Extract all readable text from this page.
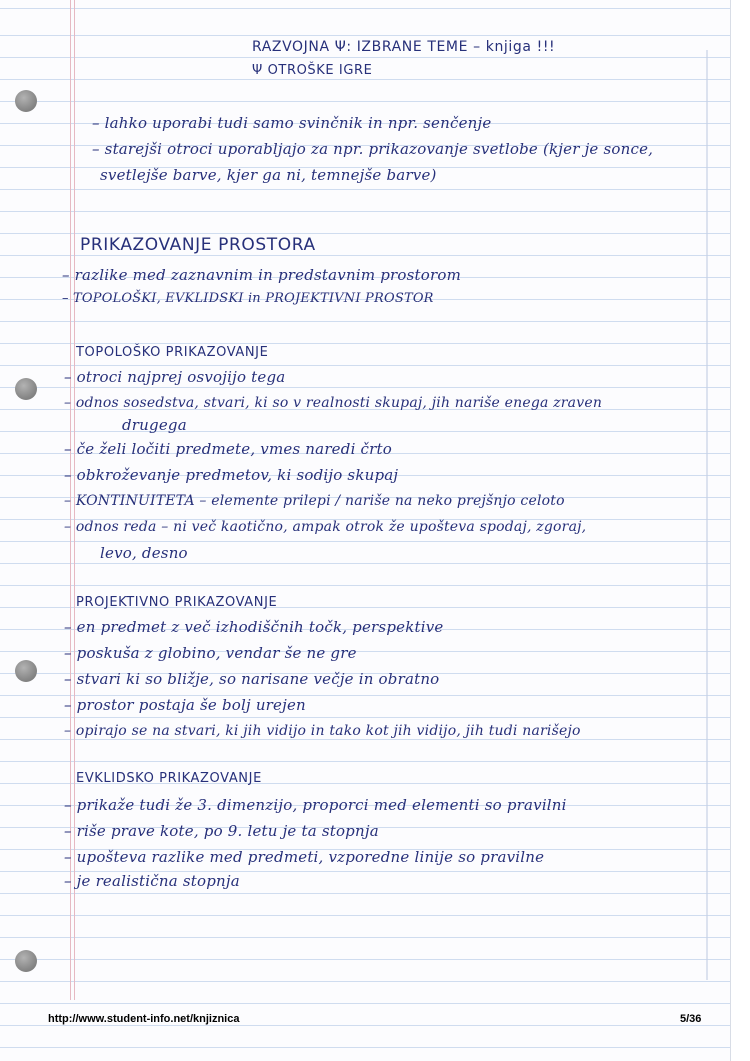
RAZVOJNA Ψ: IZBRANE TEME – knjiga !!!
Ψ OTROŠKE IGRE
– lahko uporabi tudi samo svinčnik in npr. senčenje
– starejši otroci uporabljajo za npr. prikazovanje svetlobe (kjer je sonce,
svetlejše barve, kjer ga ni, temnejše barve)
PRIKAZOVANJE PROSTORA
– razlike med zaznavnim in predstavnim prostorom
– TOPOLOŠKI, EVKLIDSKI in PROJEKTIVNI PROSTOR
TOPOLOŠKO PRIKAZOVANJE
– otroci najprej osvojijo tega
– odnos sosedstva, stvari, ki so v realnosti skupaj, jih nariše enega zraven
drugega
– če želi ločiti predmete, vmes naredi črto
– obkroževanje predmetov, ki sodijo skupaj
– KONTINUITETA – elemente prilepi / nariše na neko prejšnjo celoto
– odnos reda – ni več kaotično, ampak otrok že upošteva spodaj, zgoraj,
levo, desno
PROJEKTIVNO PRIKAZOVANJE
– en predmet z več izhodiščnih točk, perspektive
– poskuša z globino, vendar še ne gre
– stvari ki so bližje, so narisane večje in obratno
– prostor postaja še bolj urejen
– opirajo se na stvari, ki jih vidijo in tako kot jih vidijo, jih tudi narišejo
EVKLIDSKO PRIKAZOVANJE
– prikaže tudi že 3. dimenzijo, proporci med elementi so pravilni
– riše prave kote, po 9. letu je ta stopnja
– upošteva razlike med predmeti, vzporedne linije so pravilne
– je realistična stopnja
http://www.student-info.net/knjiznica	5/36
